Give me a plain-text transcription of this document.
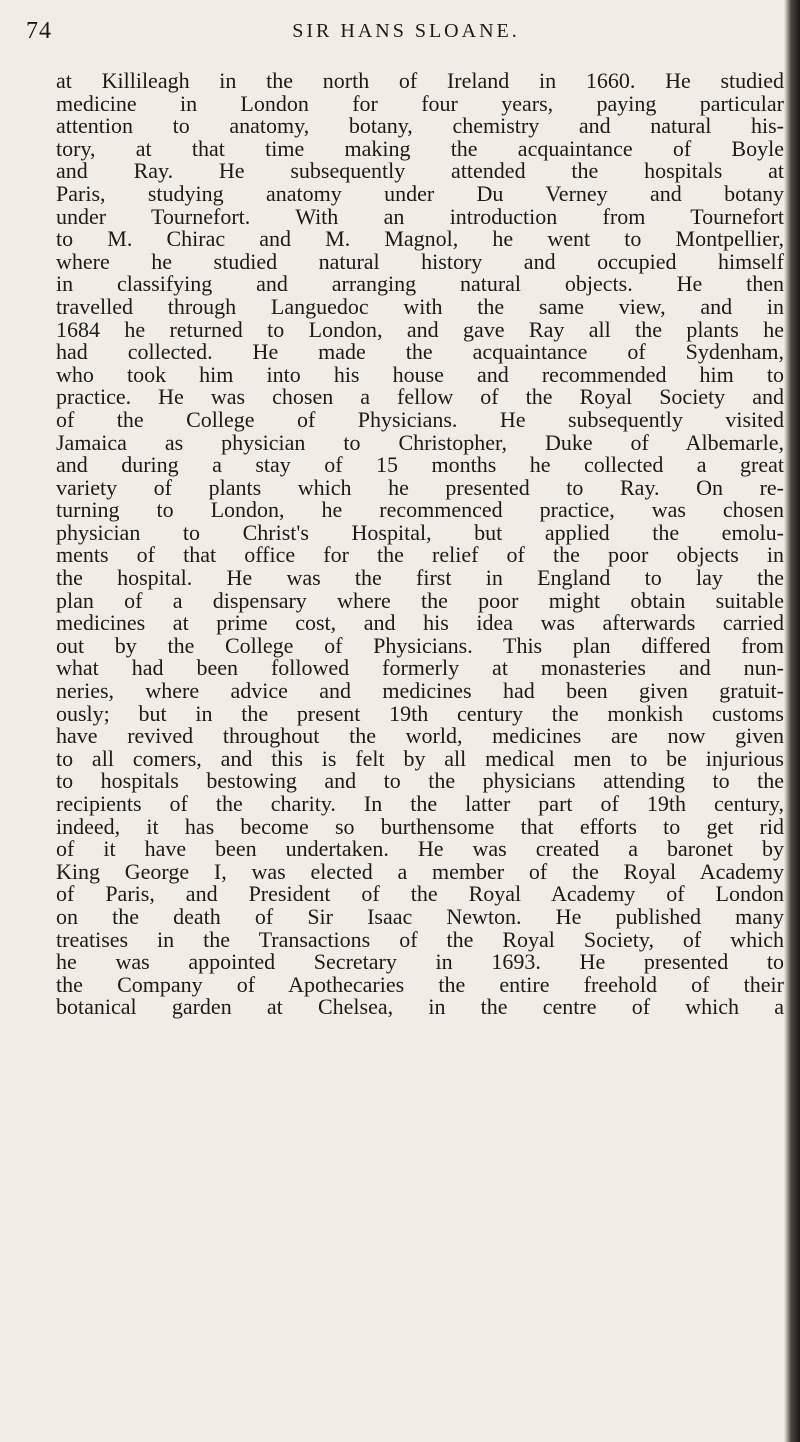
74	SIR HANS SLOANE.
at Killileagh in the north of Ireland in 1660. He studied
medicine in London for four years, paying particular
attention to anatomy, botany, chemistry and natural his-
tory, at that time making the acquaintance of Boyle
and Ray. He subsequently attended the hospitals at
Paris, studying anatomy under Du Verney and botany
under Tournefort. With an introduction from Tournefort
to M. Chirac and M. Magnol, he went to Montpellier,
where he studied natural history and occupied himself
in classifying and arranging natural objects. He then
travelled through Languedoc with the same view, and in
1684 he returned to London, and gave Ray all the plants he
had collected. He made the acquaintance of Sydenham,
who took him into his house and recommended him to
practice. He was chosen a fellow of the Royal Society and
of the College of Physicians. He subsequently visited
Jamaica as physician to Christopher, Duke of Albemarle,
and during a stay of 15 months he collected a great
variety of plants which he presented to Ray. On re-
turning to London, he recommenced practice, was chosen
physician to Christ's Hospital, but applied the emolu-
ments of that office for the relief of the poor objects in
the hospital. He was the first in England to lay the
plan of a dispensary where the poor might obtain suitable
medicines at prime cost, and his idea was afterwards carried
out by the College of Physicians. This plan differed from
what had been followed formerly at monasteries and nun-
neries, where advice and medicines had been given gratuit-
ously; but in the present 19th century the monkish customs
have revived throughout the world, medicines are now given
to all comers, and this is felt by all medical men to be injurious
to hospitals bestowing and to the physicians attending to the
recipients of the charity. In the latter part of 19th century,
indeed, it has become so burthensome that efforts to get rid
of it have been undertaken. He was created a baronet by
King George I, was elected a member of the Royal Academy
of Paris, and President of the Royal Academy of London
on the death of Sir Isaac Newton. He published many
treatises in the Transactions of the Royal Society, of which
he was appointed Secretary in 1693. He presented to
the Company of Apothecaries the entire freehold of their
botanical garden at Chelsea, in the centre of which a
